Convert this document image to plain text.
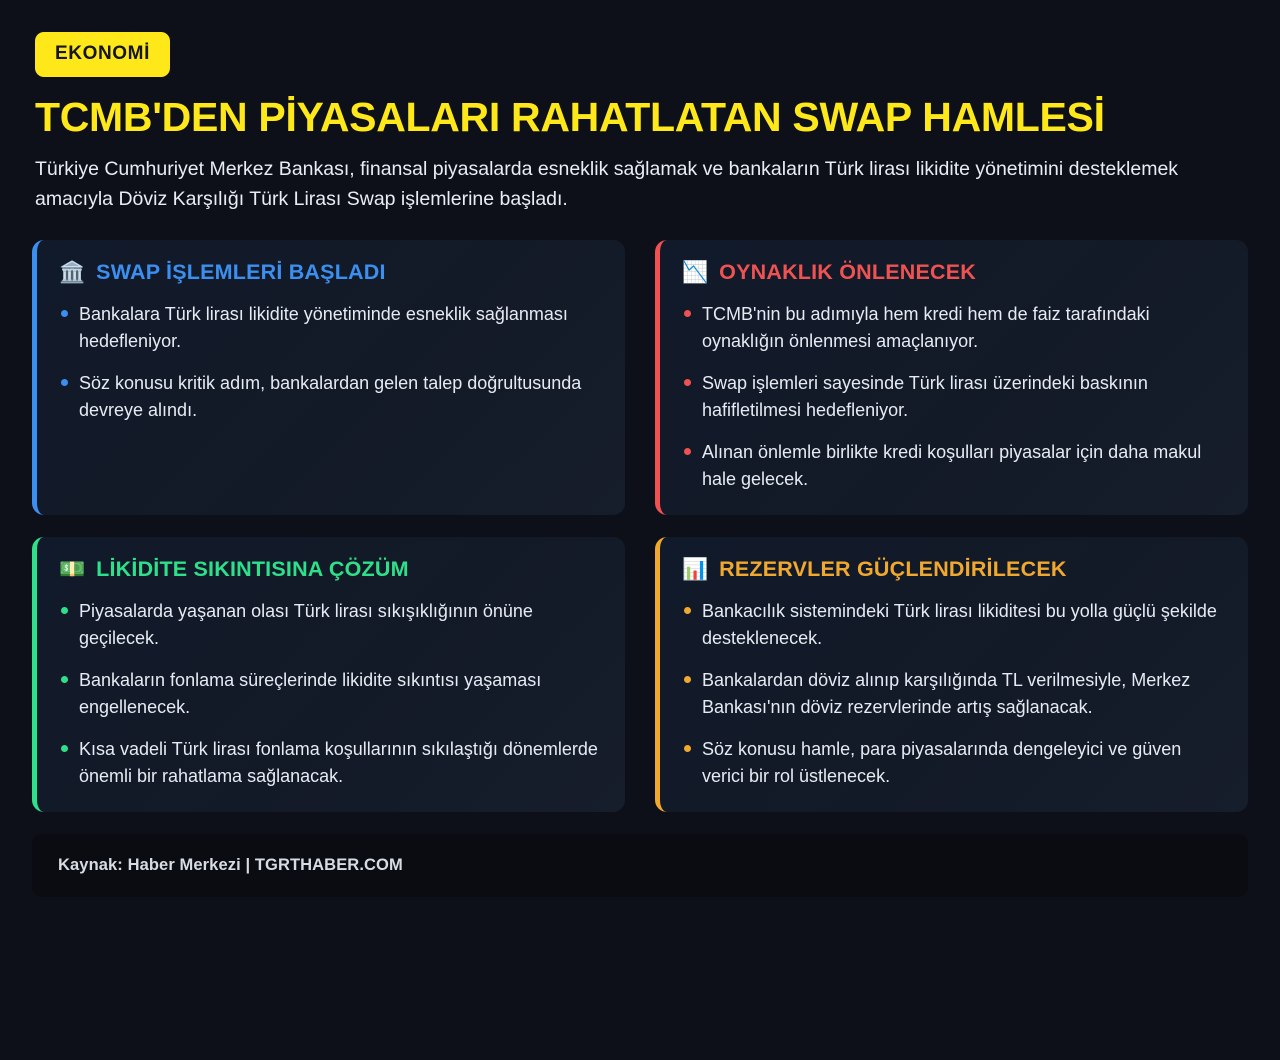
EKONOMİ
TCMB'DEN PİYASALARI RAHATLATAN SWAP HAMLESİ

Türkiye Cumhuriyet Merkez Bankası, finansal piyasalarda esneklik sağlamak ve bankaların Türk lirası likidite yönetimini desteklemek amacıyla Döviz Karşılığı Türk Lirası Swap işlemlerine başladı.

🏛️ SWAP İŞLEMLERİ BAŞLADI
Bankalara Türk lirası likidite yönetiminde esneklik sağlanması hedefleniyor.
Söz konusu kritik adım, bankalardan gelen talep doğrultusunda devreye alındı.
📉 OYNAKLIK ÖNLENECEK
TCMB'nin bu adımıyla hem kredi hem de faiz tarafındaki oynaklığın önlenmesi amaçlanıyor.
Swap işlemleri sayesinde Türk lirası üzerindeki baskının hafifletilmesi hedefleniyor.
Alınan önlemle birlikte kredi koşulları piyasalar için daha makul hale gelecek.
💵 LİKİDİTE SIKINTISINA ÇÖZÜM
Piyasalarda yaşanan olası Türk lirası sıkışıklığının önüne geçilecek.
Bankaların fonlama süreçlerinde likidite sıkıntısı yaşaması engellenecek.
Kısa vadeli Türk lirası fonlama koşullarının sıkılaştığı dönemlerde önemli bir rahatlama sağlanacak.
📊 REZERVLER GÜÇLENDİRİLECEK
Bankacılık sistemindeki Türk lirası likiditesi bu yolla güçlü şekilde desteklenecek.
Bankalardan döviz alınıp karşılığında TL verilmesiyle, Merkez Bankası'nın döviz rezervlerinde artış sağlanacak.
Söz konusu hamle, para piyasalarında dengeleyici ve güven verici bir rol üstlenecek.
Kaynak: Haber Merkezi | TGRTHABER.COM
